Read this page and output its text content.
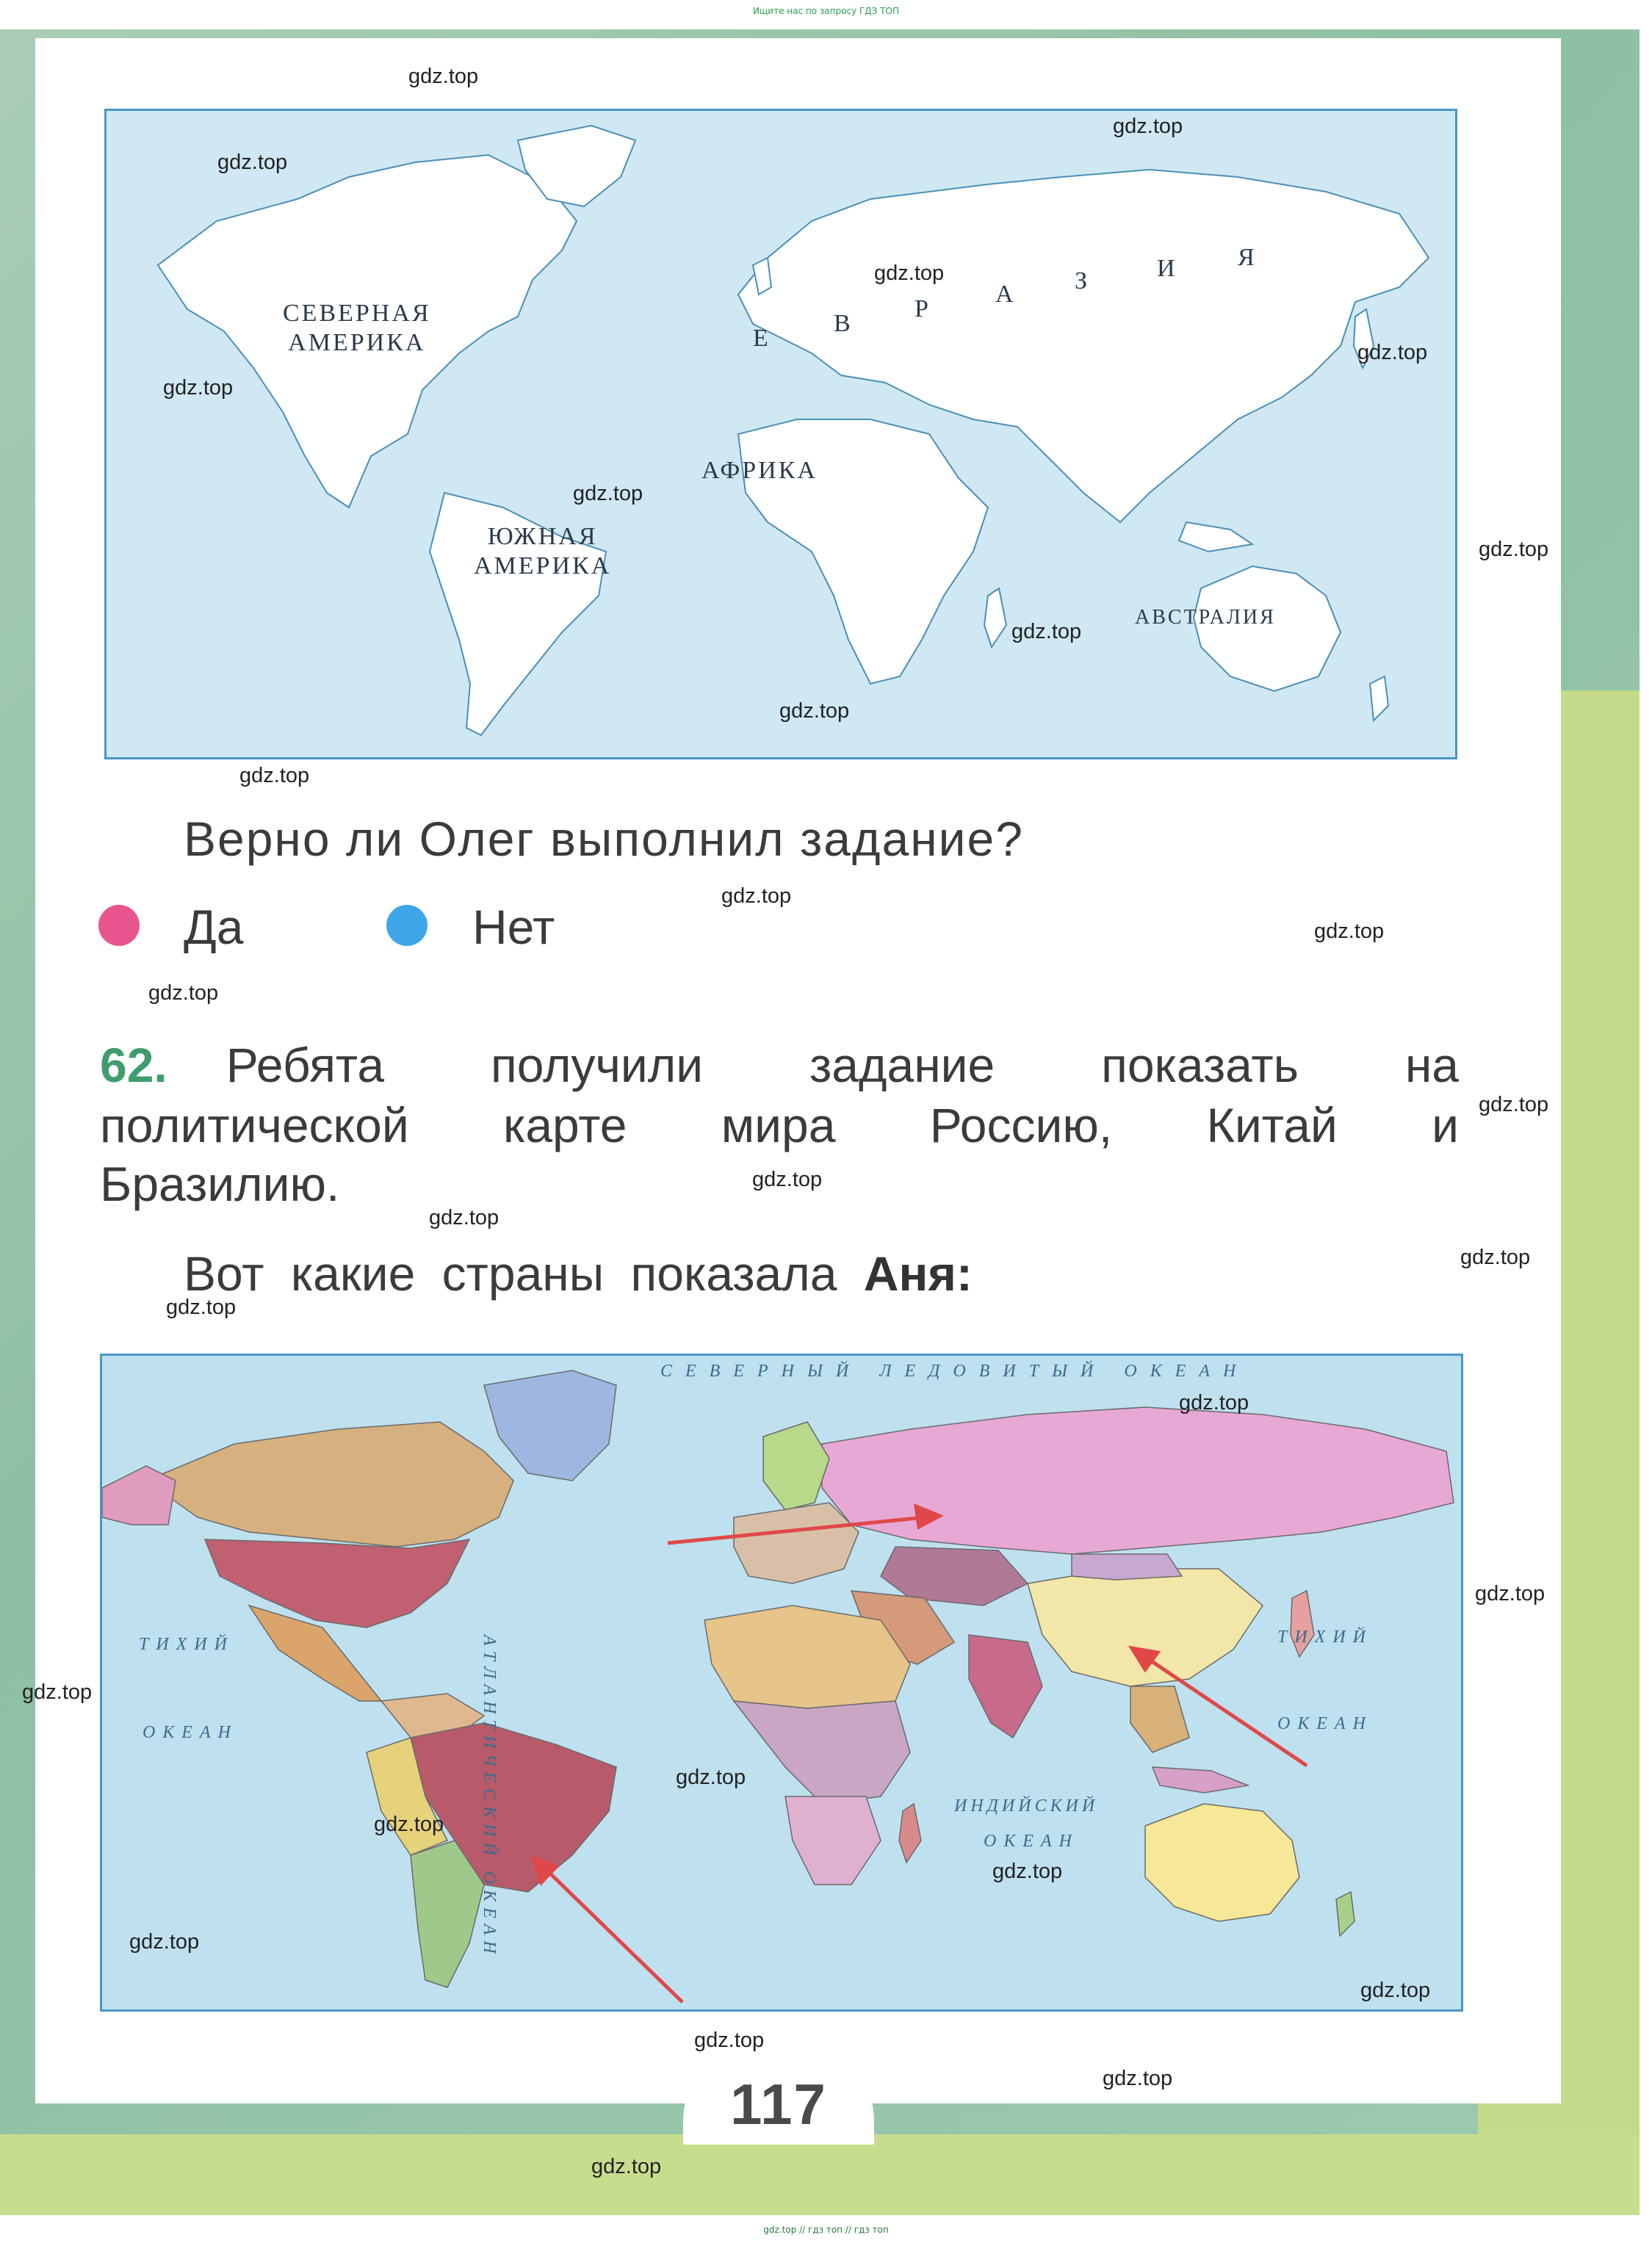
Ищите нас по запросу ГДЗ ТОП
117
СЕВЕРНАЯ
АМЕРИКА
ЮЖНАЯ
АМЕРИКА
АФРИКА
АВСТРАЛИЯ
Е
В
Р
А З	И Я
Верно ли Олег выполнил задание?
Да	Нет
62. Ребята получили задание показать на
политической карте мира Россию, Китай и
Бразилию.
Вот какие страны показала Аня:
СЕВЕРНЫЙ ЛЕДОВИТЫЙ ОКЕАН
АТЛАНТИЧЕСКИЙ ОКЕАН
ТИХИЙ
ОКЕАН
ТИХИЙ
ОКЕАН
ИНДИЙСКИЙ
ОКЕАН
gdz.top
gdz.top
gdz.top
gdz.top
gdz.top
gdz.top
gdz.top
gdz.top
gdz.top
gdz.top
gdz.top
gdz.top
gdz.top
gdz.top
gdz.top
gdz.top
gdz.top
gdz.top
gdz.top
gdz.top
gdz.top
gdz.top
gdz.top
gdz.top
gdz.top
gdz.top
gdz.top
gdz.top
gdz.top
gdz.top
gdz.top // гдз топ // гдз топ
